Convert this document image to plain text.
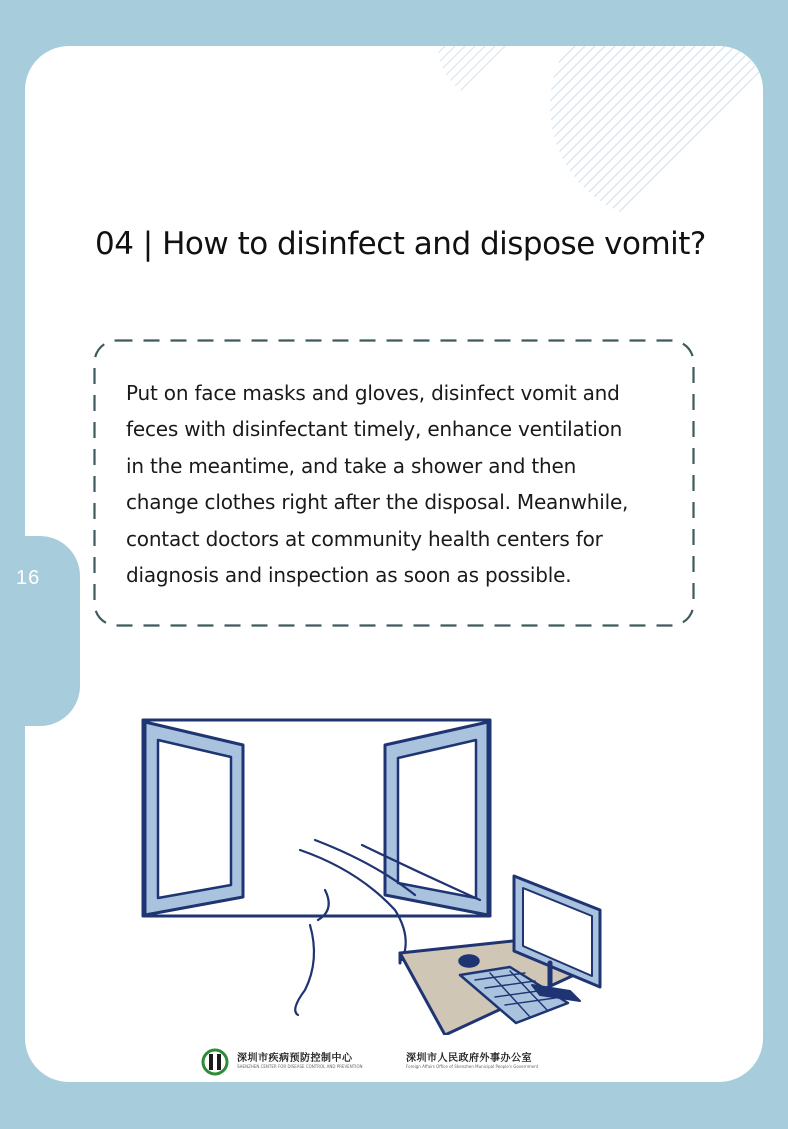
16
04 | How to disinfect and dispose vomit?

Put on face masks and gloves, disinfect vomit and
feces with disinfectant timely, enhance ventilation
in the meantime, and take a shower and then
change clothes right after the disposal. Meanwhile,
contact doctors at community health centers for
diagnosis and inspection as soon as possible.

深圳市疾病预防控制中心
SHENZHEN CENTER FOR DISEASE CONTROL AND PREVENTION
深圳市人民政府外事办公室
Foreign Affairs Office of Shenzhen Municipal People's Government
